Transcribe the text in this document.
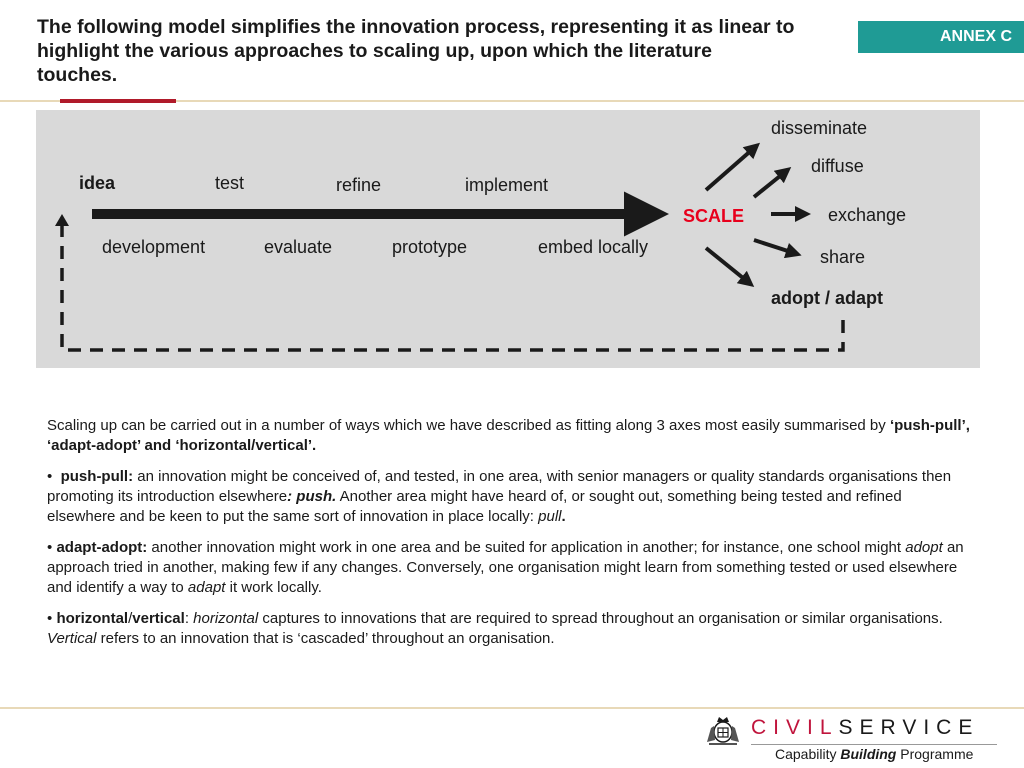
The following model simplifies the innovation process, representing it as linear to highlight the various approaches to scaling up, upon which the literature touches.
ANNEX C
idea	test	refine	implement
development	evaluate	prototype	embed locally
SCALE
disseminate
diffuse
exchange
share
adopt / adapt

Scaling up can be carried out in a number of ways which we have described as fitting along 3 axes most easily summarised by ‘push-pull’, ‘adapt-adopt’ and ‘horizontal/vertical’.

• push-pull: an innovation might be conceived of, and tested, in one area, with senior managers or quality standards organisations then promoting its introduction elsewhere: push. Another area might have heard of, or sought out, something being tested and refined elsewhere and be keen to put the same sort of innovation in place locally: pull.

• adapt-adopt: another innovation might work in one area and be suited for application in another; for instance, one school might adopt an approach tried in another, making few if any changes. Conversely, one organisation might learn from something tested or used elsewhere and identify a way to adapt it work locally.

• horizontal/vertical: horizontal captures to innovations that are required to spread throughout an organisation or similar organisations. Vertical refers to an innovation that is ‘cascaded’ throughout an organisation.

CIVILSERVICE
Capability Building Programme
